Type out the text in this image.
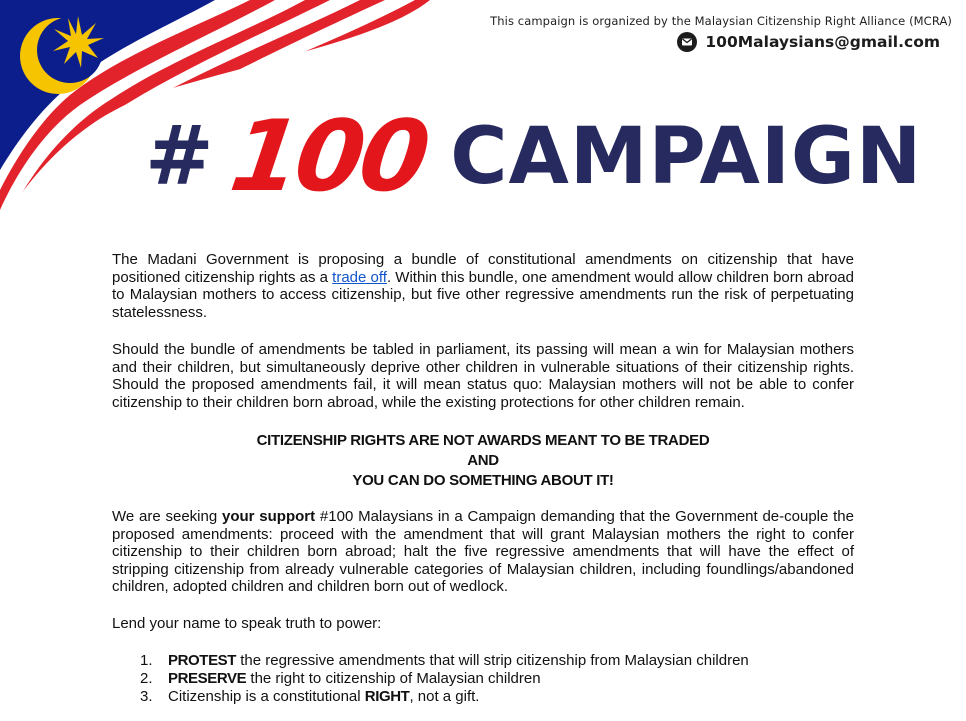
This campaign is organized by the Malaysian Citizenship Right Alliance (MCRA)
100Malaysians@gmail.com
# 100 CAMPAIGN

The Madani Government is proposing a bundle of constitutional amendments on citizenship that have positioned citizenship rights as a trade off. Within this bundle, one amendment would allow children born abroad to Malaysian mothers to access citizenship, but five other regressive amendments run the risk of perpetuating statelessness.

Should the bundle of amendments be tabled in parliament, its passing will mean a win for Malaysian mothers and their children, but simultaneously deprive other children in vulnerable situations of their citizenship rights. Should the proposed amendments fail, it will mean status quo: Malaysian mothers will not be able to confer citizenship to their children born abroad, while the existing protections for other children remain.

CITIZENSHIP RIGHTS ARE NOT AWARDS MEANT TO BE TRADED
AND
YOU CAN DO SOMETHING ABOUT IT!

We are seeking your support #100 Malaysians in a Campaign demanding that the Government de-couple the proposed amendments: proceed with the amendment that will grant Malaysian mothers the right to confer citizenship to their children born abroad; halt the five regressive amendments that will have the effect of stripping citizenship from already vulnerable categories of Malaysian children, including foundlings/abandoned children, adopted children and children born out of wedlock.

Lend your name to speak truth to power:

1.	PROTEST the regressive amendments that will strip citizenship from Malaysian children
2.	PRESERVE the right to citizenship of Malaysian children
3.	Citizenship is a constitutional RIGHT, not a gift.
